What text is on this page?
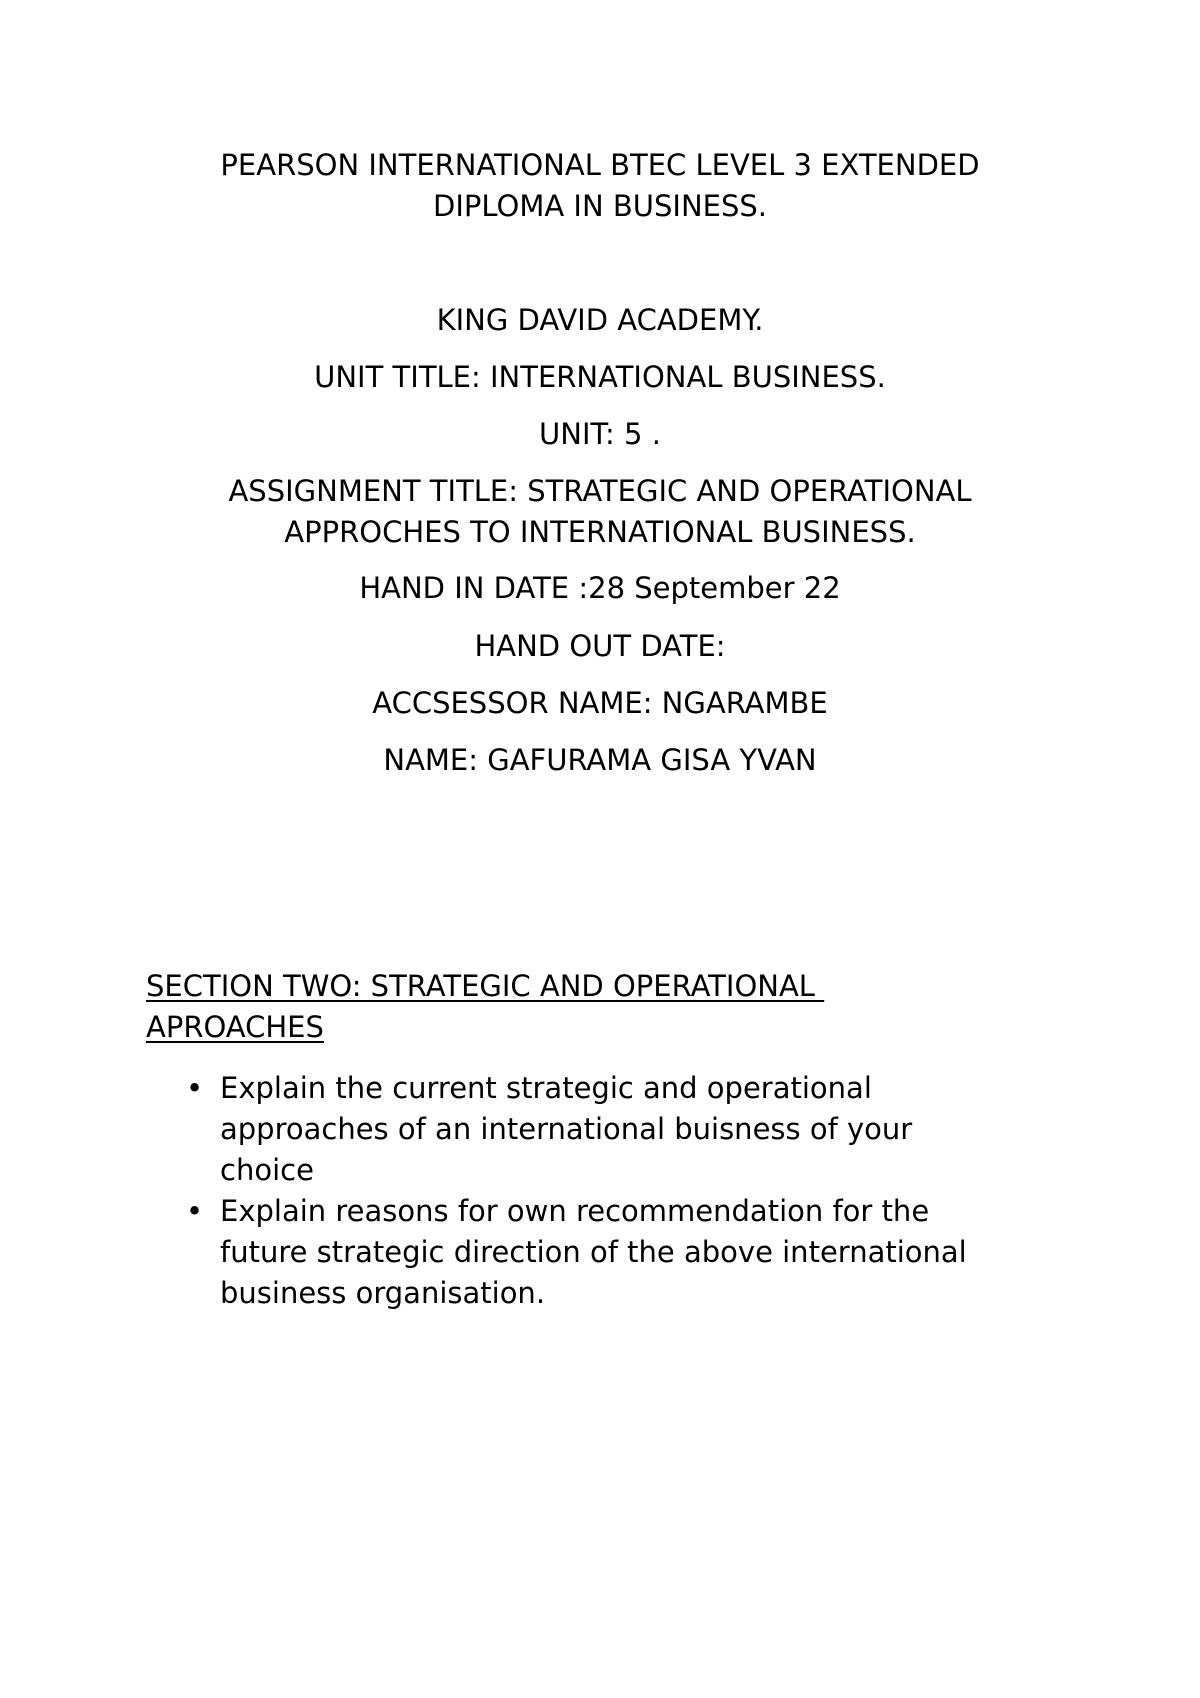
PEARSON INTERNATIONAL BTEC LEVEL 3 EXTENDED
DIPLOMA IN BUSINESS.

KING DAVID ACADEMY.

UNIT TITLE: INTERNATIONAL BUSINESS.

UNIT: 5 .

ASSIGNMENT TITLE: STRATEGIC AND OPERATIONAL
APPROCHES TO INTERNATIONAL BUSINESS.

HAND IN DATE :28 September 22

HAND OUT DATE:

ACCSESSOR NAME: NGARAMBE

NAME: GAFURAMA GISA YVAN

SECTION TWO: STRATEGIC AND OPERATIONAL
APROACHES
• Explain the current strategic and operational
approaches of an international buisness of your
choice
• Explain reasons for own recommendation for the
future strategic direction of the above international
business organisation.
